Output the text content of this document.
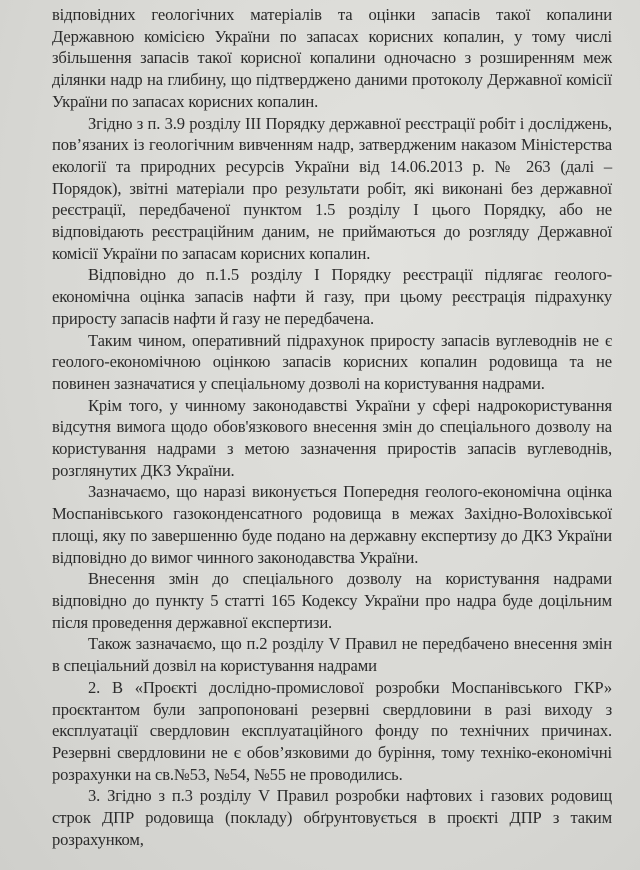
відповідних геологічних матеріалів та оцінки запасів такої копалини Державною комісією України по запасах корисних копалин, у тому числі збільшення запасів такої корисної копалини одночасно з розширенням меж ділянки надр на глибину, що підтверджено даними протоколу Державної комісії України по запасах корисних копалин.

Згідно з п. 3.9 розділу III Порядку державної реєстрації робіт і досліджень, пов’язаних із геологічним вивченням надр, затвердженим наказом Міністерства екології та природних ресурсів України від 14.06.2013 р. № 263 (далі – Порядок), звітні матеріали про результати робіт, які виконані без державної реєстрації, передбаченої пунктом 1.5 розділу I цього Порядку, або не відповідають реєстраційним даним, не приймаються до розгляду Державної комісії України по запасам корисних копалин.

Відповідно до п.1.5 розділу I Порядку реєстрації підлягає геолого-економічна оцінка запасів нафти й газу, при цьому реєстрація підрахунку приросту запасів нафти й газу не передбачена.

Таким чином, оперативний підрахунок приросту запасів вуглеводнів не є геолого-економічною оцінкою запасів корисних копалин родовища та не повинен зазначатися у спеціальному дозволі на користування надрами.

Крім того, у чинному законодавстві України у сфері надрокористування відсутня вимога щодо обов'язкового внесення змін до спеціального дозволу на користування надрами з метою зазначення приростів запасів вуглеводнів, розглянутих ДКЗ України.

Зазначаємо, що наразі виконується Попередня геолого-економічна оцінка Моспанівського газоконденсатного родовища в межах Західно-Волохівської площі, яку по завершенню буде подано на державну експертизу до ДКЗ України відповідно до вимог чинного законодавства України.

Внесення змін до спеціального дозволу на користування надрами відповідно до пункту 5 статті 165 Кодексу України про надра буде доцільним після проведення державної експертизи.

Також зазначаємо, що п.2 розділу V Правил не передбачено внесення змін в спеціальний дозвіл на користування надрами

2. В «Проєкті дослідно-промислової розробки Моспанівського ГКР» проєктантом були запропоновані резервні свердловини в разі виходу з експлуатації свердловин експлуатаційного фонду по технічних причинах. Резервні свердловини не є обов’язковими до буріння, тому техніко-економічні розрахунки на св.№53, №54, №55 не проводились.

3. Згідно з п.3 розділу V Правил розробки нафтових і газових родовищ строк ДПР родовища (покладу) обґрунтовується в проєкті ДПР з таким розрахунком,
